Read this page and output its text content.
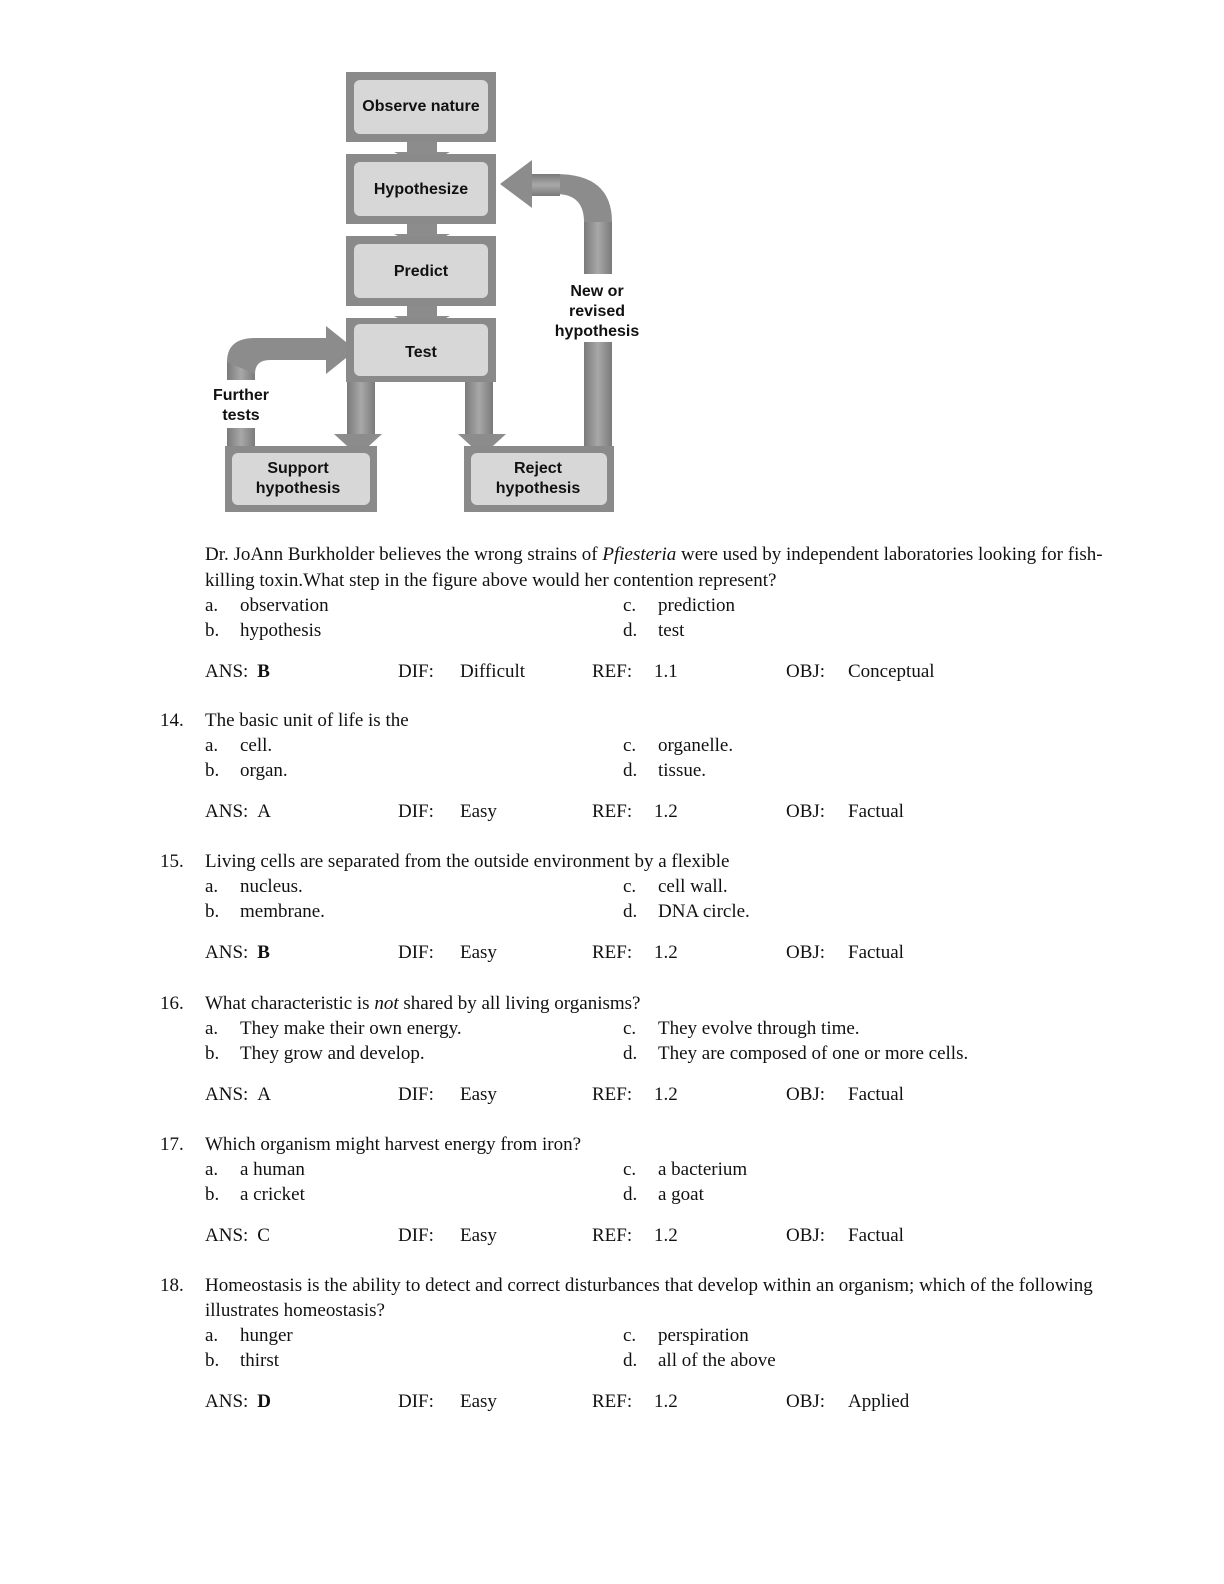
Observe nature
Hypothesize
Predict
Test
Support
hypothesis
Reject
hypothesis
New or
revised
hypothesis
Further
tests
Dr. JoAnn Burkholder believes the wrong strains of Pfiesteria were used by independent laboratories looking for fish-killing toxin.What step in the figure above would her contention represent?
a.	observation	c.	prediction
b.	hypothesis	d.	test
ANS: B	DIF:	Difficult	REF:	1.1	OBJ:	Conceptual
14.	The basic unit of life is the
a.	cell.	c.	organelle.
b.	organ.	d.	tissue.
ANS: A	DIF:	Easy	REF:	1.2	OBJ:	Factual
15.	Living cells are separated from the outside environment by a flexible
a.	nucleus.	c.	cell wall.
b.	membrane.	d.	DNA circle.
ANS: B	DIF:	Easy	REF:	1.2	OBJ:	Factual
16.	What characteristic is not shared by all living organisms?
a.	They make their own energy.	c.	They evolve through time.
b.	They grow and develop.	d.	They are composed of one or more cells.
ANS: A	DIF:	Easy	REF:	1.2	OBJ:	Factual
17.	Which organism might harvest energy from iron?
a.	a human	c.	a bacterium
b.	a cricket	d.	a goat
ANS: C	DIF:	Easy	REF:	1.2	OBJ:	Factual
18.	Homeostasis is the ability to detect and correct disturbances that develop within an organism; which of the following illustrates homeostasis?
a.	hunger	c.	perspiration
b.	thirst	d.	all of the above
ANS: D	DIF:	Easy	REF:	1.2	OBJ:	Applied
